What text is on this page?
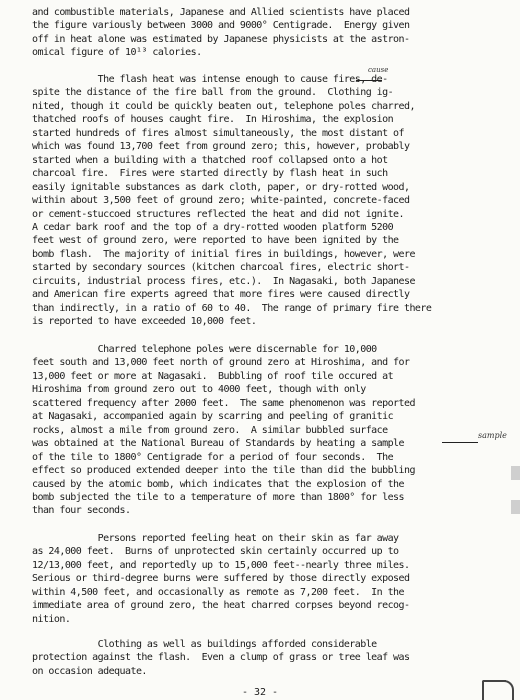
and combustible materials, Japanese and Allied scientists have placed
the figure variously between 3000 and 9000° Centigrade.  Energy given
off in heat alone was estimated by Japanese physicists at the astron-
omical figure of 10¹³ calories.

The flash heat was intense enough to cause fires, de-
spite the distance of the fire ball from the ground.  Clothing ig-
nited, though it could be quickly beaten out, telephone poles charred,
thatched roofs of houses caught fire.  In Hiroshima, the explosion
started hundreds of fires almost simultaneously, the most distant of
which was found 13,700 feet from ground zero; this, however, probably
started when a building with a thatched roof collapsed onto a hot
charcoal fire.  Fires were started directly by flash heat in such
easily ignitable substances as dark cloth, paper, or dry-rotted wood,
within about 3,500 feet of ground zero; white-painted, concrete-faced
or cement-stuccoed structures reflected the heat and did not ignite.
A cedar bark roof and the top of a dry-rotted wooden platform 5200
feet west of ground zero, were reported to have been ignited by the
bomb flash.  The majority of initial fires in buildings, however, were
started by secondary sources (kitchen charcoal fires, electric short-
circuits, industrial process fires, etc.).  In Nagasaki, both Japanese
and American fire experts agreed that more fires were caused directly
than indirectly, in a ratio of 60 to 40.  The range of primary fire there
is reported to have exceeded 10,000 feet.

Charred telephone poles were discernable for 10,000
feet south and 13,000 feet north of ground zero at Hiroshima, and for
13,000 feet or more at Nagasaki.  Bubbling of roof tile occured at
Hiroshima from ground zero out to 4000 feet, though with only
scattered frequency after 2000 feet.  The same phenomenon was reported
at Nagasaki, accompanied again by scarring and peeling of granitic
rocks, almost a mile from ground zero.  A similar bubbled surface
was obtained at the National Bureau of Standards by heating a sample
of the tile to 1800° Centigrade for a period of four seconds.  The
effect so produced extended deeper into the tile than did the bubbling
caused by the atomic bomb, which indicates that the explosion of the
bomb subjected the tile to a temperature of more than 1800° for less
than four seconds.

Persons reported feeling heat on their skin as far away
as 24,000 feet.  Burns of unprotected skin certainly occurred up to
12/13,000 feet, and reportedly up to 15,000 feet--nearly three miles.
Serious or third-degree burns were suffered by those directly exposed
within 4,500 feet, and occasionally as remote as 7,200 feet.  In the
immediate area of ground zero, the heat charred corpses beyond recog-
nition.

Clothing as well as buildings afforded considerable
protection against the flash.  Even a clump of grass or tree leaf was
on occasion adequate.

cause
sample
- 32 -
